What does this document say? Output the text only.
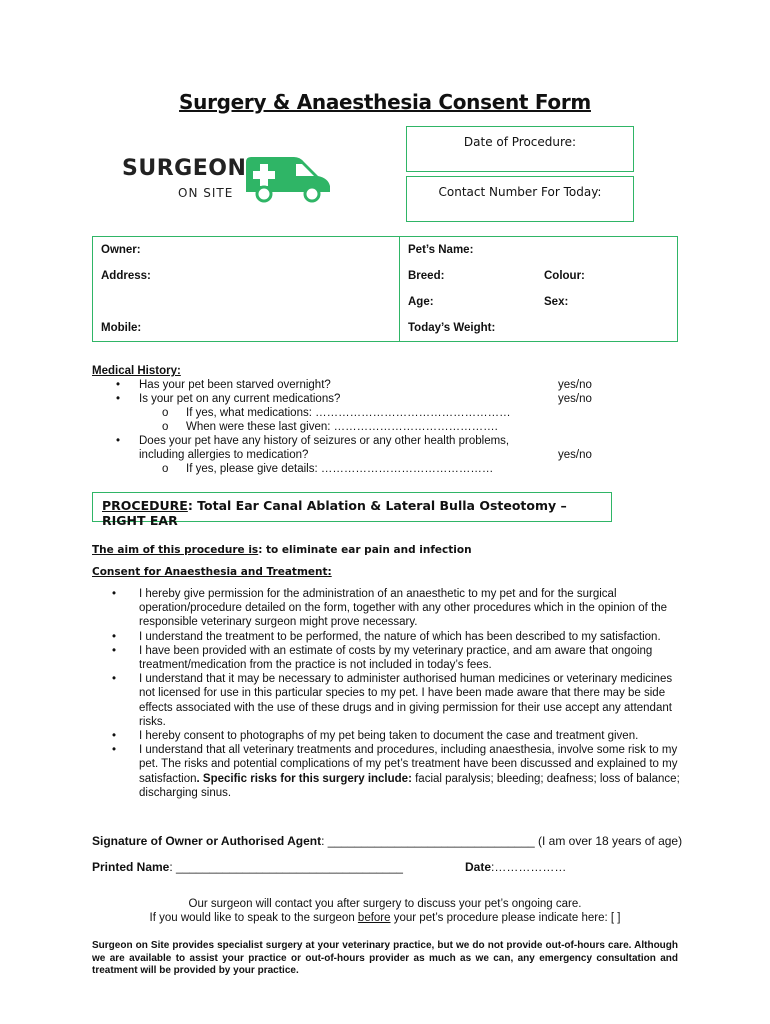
Surgery & Anaesthesia Consent Form
Date of Procedure:
Contact Number For Today:
SURGEON
ON SITE
Owner:	Pet’s Name:
Address:	Breed: Colour:
	Age: Sex:
Mobile:	Today’s Weight:
Medical History:
• Has your pet been starved overnight?	yes/no
• Is your pet on any current medications?	yes/no
o If yes, what medications: ……………………………………………
o When were these last given: …………………………………….
• Does your pet have any history of seizures or any other health problems,
including allergies to medication?	yes/no
o If yes, please give details: ………………………………………
PROCEDURE: Total Ear Canal Ablation & Lateral Bulla Osteotomy – RIGHT EAR
The aim of this procedure is: to eliminate ear pain and infection
Consent for Anaesthesia and Treatment:
• I hereby give permission for the administration of an anaesthetic to my pet and for the surgical operation/procedure detailed on the form, together with any other procedures which in the opinion of the responsible veterinary surgeon might prove necessary.
• I understand the treatment to be performed, the nature of which has been described to my satisfaction.
• I have been provided with an estimate of costs by my veterinary practice, and am aware that ongoing treatment/medication from the practice is not included in today’s fees.
• I understand that it may be necessary to administer authorised human medicines or veterinary medicines not licensed for use in this particular species to my pet. I have been made aware that there may be side effects associated with the use of these drugs and in giving permission for their use accept any attendant risks.
• I hereby consent to photographs of my pet being taken to document the case and treatment given.
• I understand that all veterinary treatments and procedures, including anaesthesia, involve some risk to my pet. The risks and potential complications of my pet’s treatment have been discussed and explained to my satisfaction. Specific risks for this surgery include: facial paralysis; bleeding; deafness; loss of balance; discharging sinus.
Signature of Owner or Authorised Agent: _______________________________ (I am over 18 years of age)
Printed Name: __________________________________	Date:………………
Our surgeon will contact you after surgery to discuss your pet’s ongoing care.
If you would like to speak to the surgeon before your pet’s procedure please indicate here: [ ]
Surgeon on Site provides specialist surgery at your veterinary practice, but we do not provide out-of-hours care. Although we are available to assist your practice or out-of-hours provider as much as we can, any emergency consultation and treatment will be provided by your practice.
